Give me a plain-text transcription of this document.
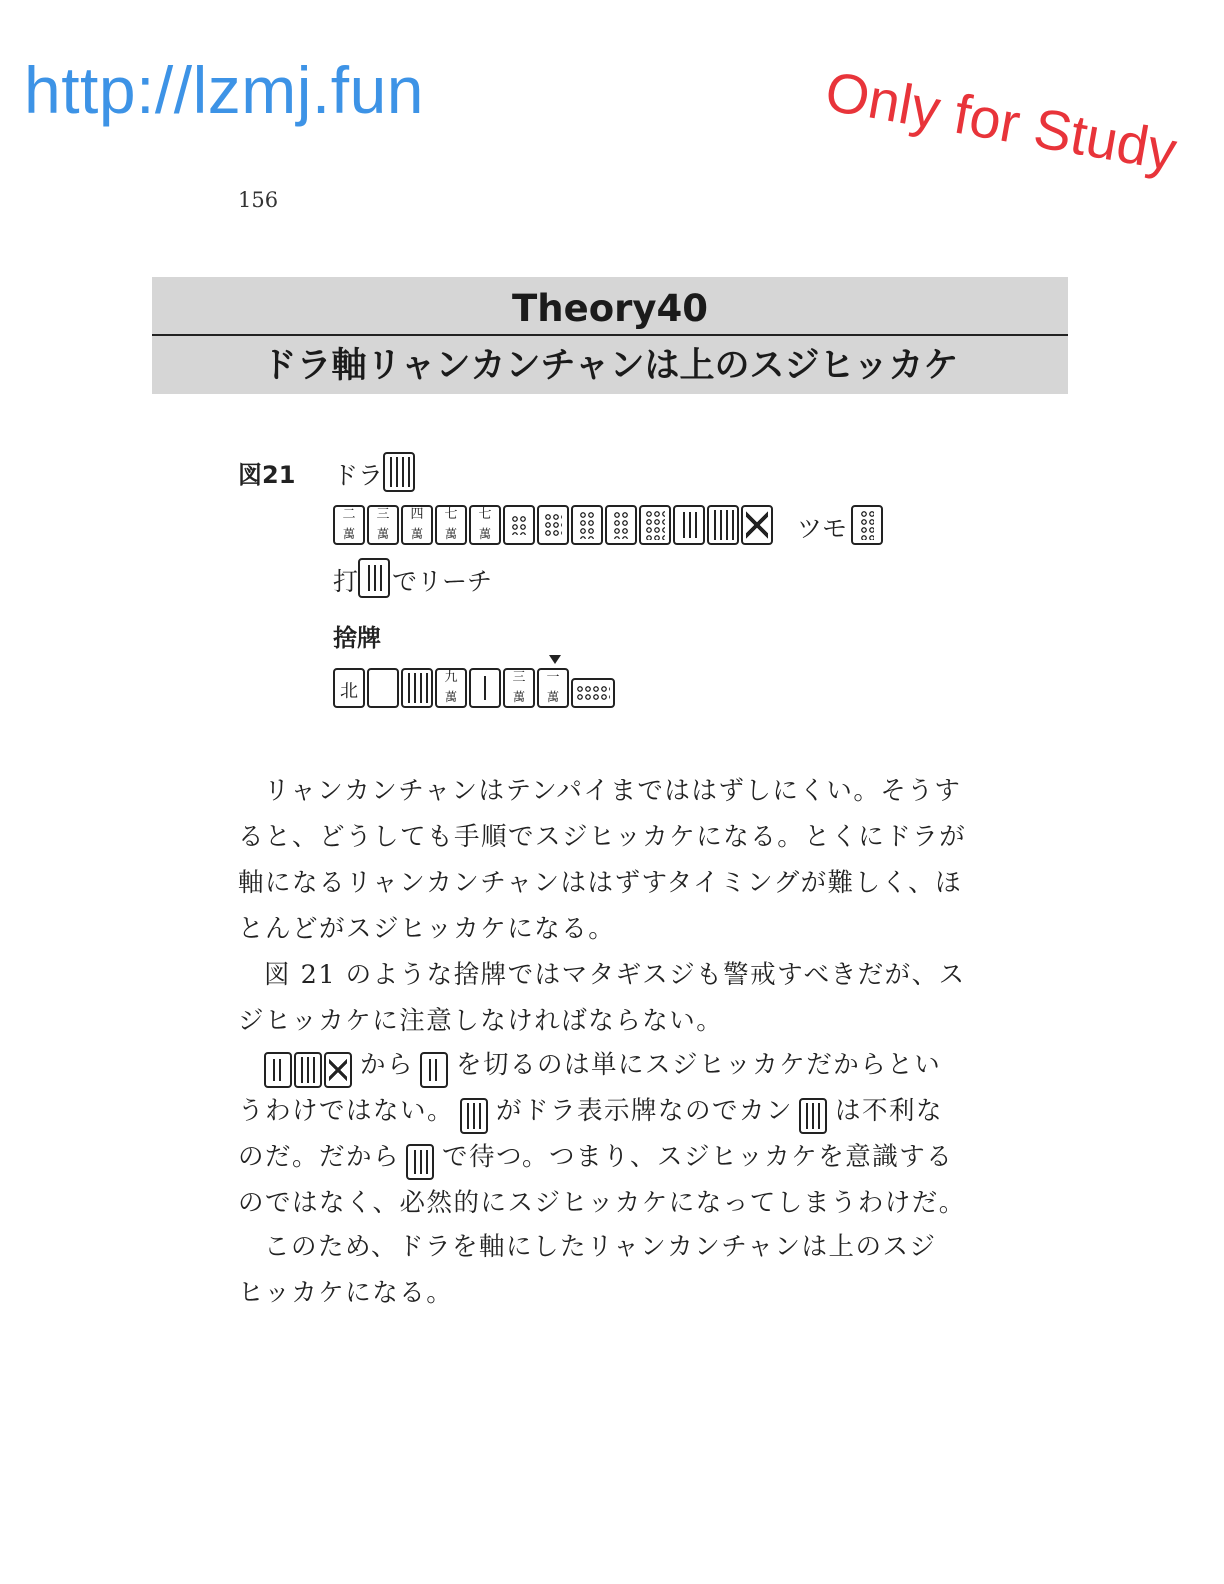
http://lzmj.fun	Only for Study
156
Theory40
ドラ軸リャンカンチャンは上のスジヒッカケ
図21 ドラ
二
萬
三
萬
四
萬
七
萬
七
萬	ツモ
打 でリーチ
捨牌
北
九
萬
三
萬
一
萬
リャンカンチャンはテンパイまでははずしにくい。そうす
ると、どうしても手順でスジヒッカケになる。とくにドラが
軸になるリャンカンチャンははずすタイミングが難しく、ほ
とんどがスジヒッカケになる。
図 21 のような捨牌ではマタギスジも警戒すべきだが、ス
ジヒッカケに注意しなければならない。
から を切るのは単にスジヒッカケだからとい
うわけではない。 がドラ表示牌なのでカン は不利な
のだ。だから で待つ。つまり、スジヒッカケを意識する
のではなく、必然的にスジヒッカケになってしまうわけだ。
このため、ドラを軸にしたリャンカンチャンは上のスジ
ヒッカケになる。
